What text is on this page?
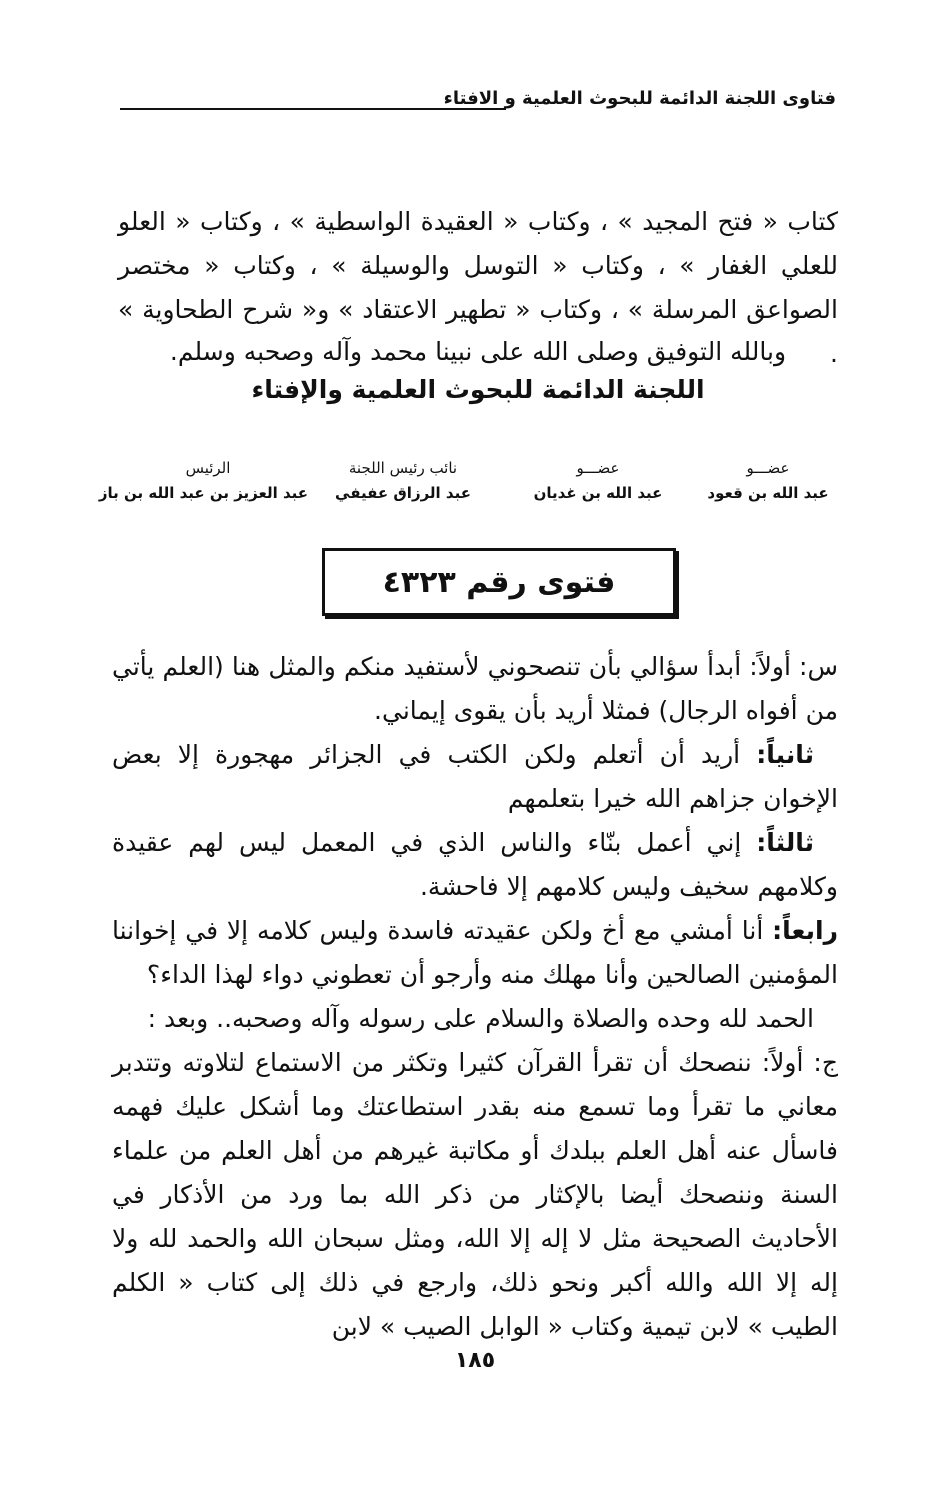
فتاوى اللجنة الدائمة للبحوث العلمية و الافتاء

كتاب « فتح المجيد » ، وكتاب « العقيدة الواسطية » ، وكتاب « العلو للعلي الغفار » ، وكتاب « التوسل والوسيلة » ، وكتاب « مختصر الصواعق المرسلة » ، وكتاب « تطهير الاعتقاد » و« شرح الطحاوية » .

وبالله التوفيق وصلى الله على نبينا محمد وآله وصحبه وسلم.
اللجنة الدائمة للبحوث العلمية والإفتاء
عضـــو
عبد الله بن قعود
عضـــو
عبد الله بن غديان
نائب رئيس اللجنة
عبد الرزاق عفيفي
الرئيس
عبد العزيز بن عبد الله بن باز
فتوى رقم ٤٣٢٣

س: أولاً: أبدأ سؤالي بأن تنصحوني لأستفيد منكم والمثل هنا (العلم يأتي من أفواه الرجال) فمثلا أريد بأن يقوى إيماني.

ثانياً: أريد أن أتعلم ولكن الكتب في الجزائر مهجورة إلا بعض الإخوان جزاهم الله خيرا بتعلمهم

ثالثاً: إني أعمل بنّاء والناس الذي في المعمل ليس لهم عقيدة وكلامهم سخيف وليس كلامهم إلا فاحشة.

رابعاً: أنا أمشي مع أخ ولكن عقيدته فاسدة وليس كلامه إلا في إخواننا المؤمنين الصالحين وأنا مهلك منه وأرجو أن تعطوني دواء لهذا الداء؟

الحمد لله وحده والصلاة والسلام على رسوله وآله وصحبه.. وبعد :

ج: أولاً: ننصحك أن تقرأ القرآن كثيرا وتكثر من الاستماع لتلاوته وتتدبر معاني ما تقرأ وما تسمع منه بقدر استطاعتك وما أشكل عليك فهمه فاسأل عنه أهل العلم ببلدك أو مكاتبة غيرهم من أهل العلم من علماء السنة وننصحك أيضا بالإكثار من ذكر الله بما ورد من الأذكار في الأحاديث الصحيحة مثل لا إله إلا الله، ومثل سبحان الله والحمد لله ولا إله إلا الله والله أكبر ونحو ذلك، وارجع في ذلك إلى كتاب « الكلم الطيب » لابن تيمية وكتاب « الوابل الصيب » لابن

١٨٥
